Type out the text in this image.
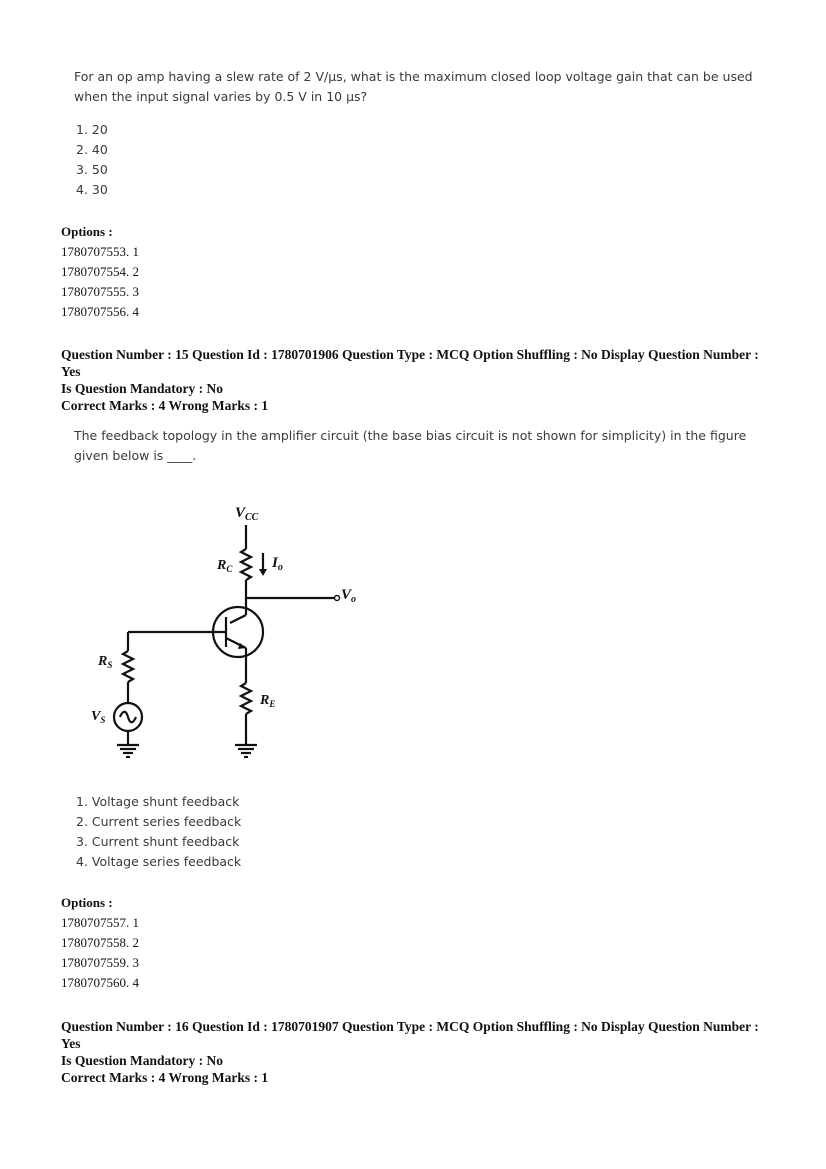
For an op amp having a slew rate of 2 V/μs, what is the maximum closed loop voltage gain that can be used when the input signal varies by 0.5 V in 10 μs?
1. 20
2. 40
3. 50
4. 30
Options :
1780707553. 1
1780707554. 2
1780707555. 3
1780707556. 4
Question Number : 15 Question Id : 1780701906 Question Type : MCQ Option Shuffling : No Display Question Number : Yes
Is Question Mandatory : No
Correct Marks : 4 Wrong Marks : 1
The feedback topology in the amplifier circuit (the base bias circuit is not shown for simplicity) in the figure given below is ____.
$V_{CC}$
$R_C$	$I_o$
$V_o$
$R_S$
$V_S$
$R_E$
1. Voltage shunt feedback
2. Current series feedback
3. Current shunt feedback
4. Voltage series feedback
Options :
1780707557. 1
1780707558. 2
1780707559. 3
1780707560. 4
Question Number : 16 Question Id : 1780701907 Question Type : MCQ Option Shuffling : No Display Question Number : Yes
Is Question Mandatory : No
Correct Marks : 4 Wrong Marks : 1
